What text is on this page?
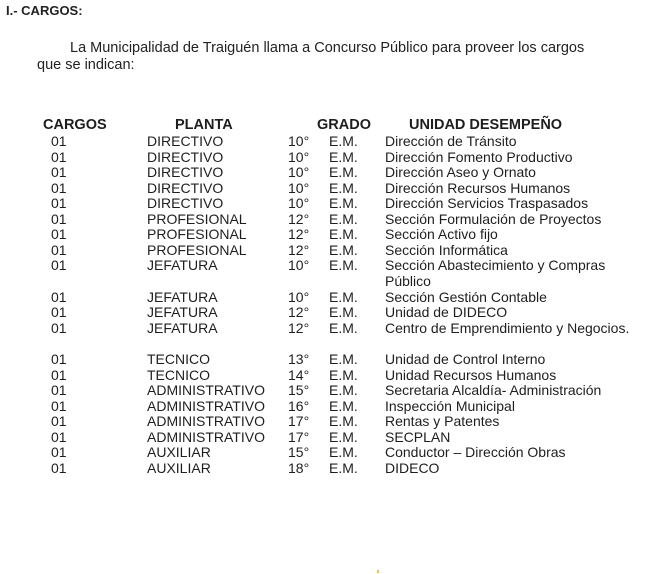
I.- CARGOS:
La Municipalidad de Traiguén llama a Concurso Público para proveer los cargos
que se indican:
CARGOS	PLANTA	GRADO	UNIDAD DESEMPEÑO
01	DIRECTIVO	10° E.M. Dirección de Tránsito
01	DIRECTIVO	10° E.M. Dirección Fomento Productivo
01	DIRECTIVO	10° E.M. Dirección Aseo y Ornato
01	DIRECTIVO	10° E.M. Dirección Recursos Humanos
01	DIRECTIVO	10° E.M. Dirección Servicios Traspasados
01	PROFESIONAL	12° E.M. Sección Formulación de Proyectos
01	PROFESIONAL	12° E.M. Sección Activo fijo
01	PROFESIONAL	12° E.M. Sección Informática
01	JEFATURA	10° E.M. Sección Abastecimiento y Compras Público
01	JEFATURA	10° E.M. Sección Gestión Contable
01	JEFATURA	12° E.M. Unidad de DIDECO
01	JEFATURA	12° E.M. Centro de Emprendimiento y Negocios.
01	TECNICO	13° E.M. Unidad de Control Interno
01	TECNICO	14° E.M. Unidad Recursos Humanos
01	ADMINISTRATIVO 15° E.M. Secretaria Alcaldía- Administración
01	ADMINISTRATIVO 16° E.M. Inspección Municipal
01	ADMINISTRATIVO 17° E.M. Rentas y Patentes
01	ADMINISTRATIVO 17° E.M. SECPLAN
01	AUXILIAR	15° E.M. Conductor – Dirección Obras
01	AUXILIAR	18° E.M. DIDECO
